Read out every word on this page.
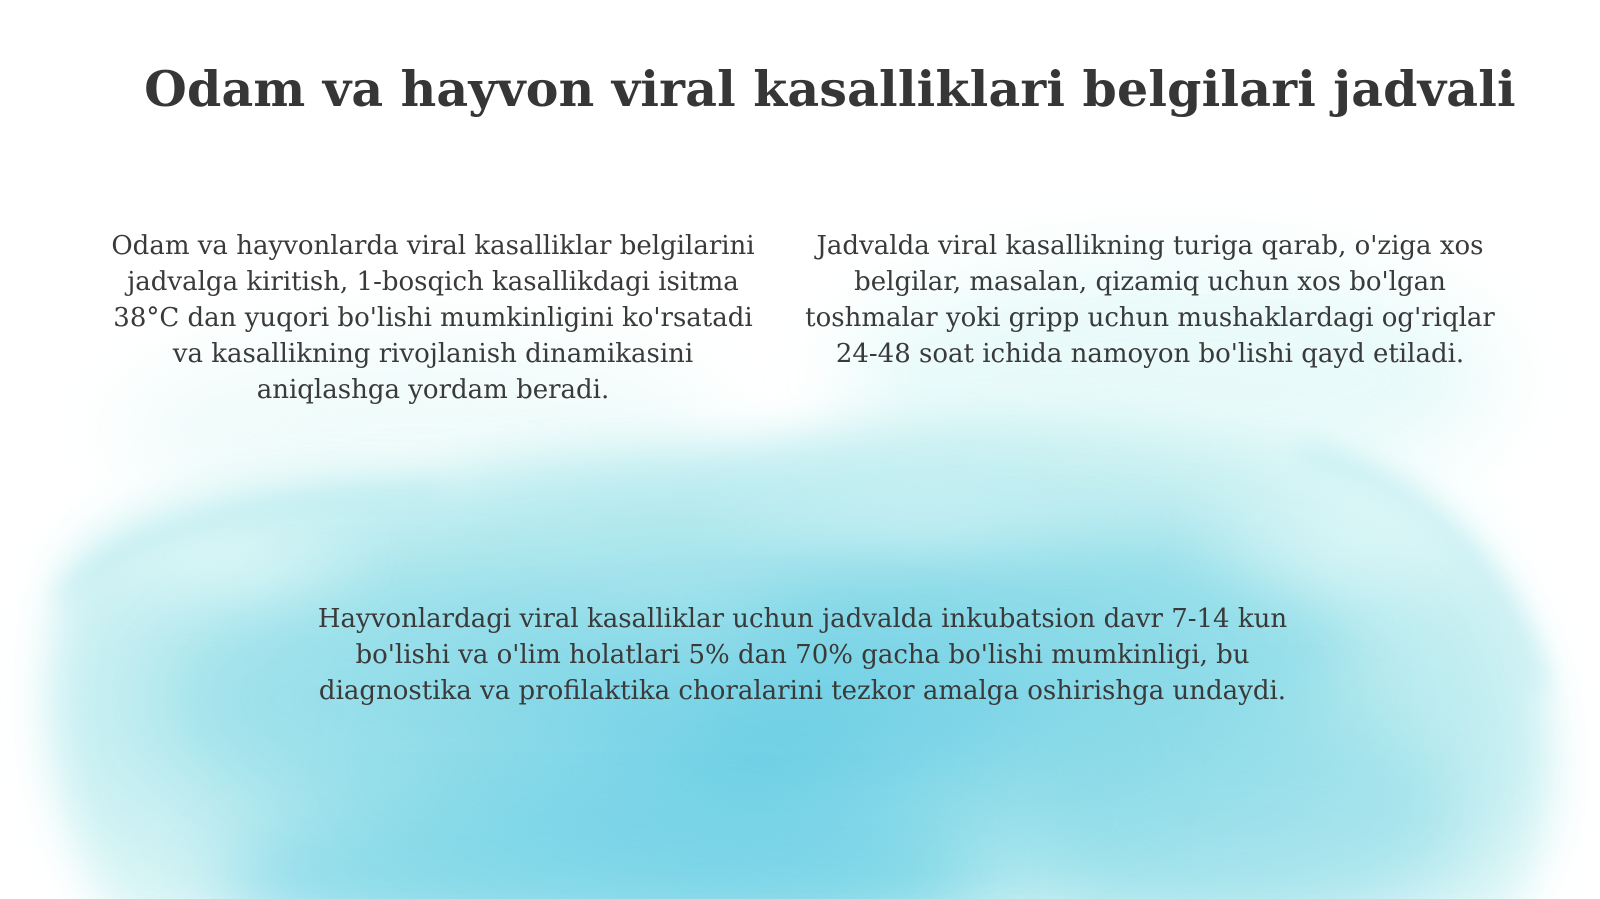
Odam va hayvon viral kasalliklari belgilari jadvali

Odam va hayvonlarda viral kasalliklar belgilarini jadvalga kiritish, 1-bosqich kasallikdagi isitma 38°C dan yuqori bo'lishi mumkinligini ko'rsatadi va kasallikning rivojlanish dinamikasini aniqlashga yordam beradi.

Jadvalda viral kasallikning turiga qarab, o'ziga xos belgilar, masalan, qizamiq uchun xos bo'lgan toshmalar yoki gripp uchun mushaklardagi og'riqlar 24-48 soat ichida namoyon bo'lishi qayd etiladi.

Hayvonlardagi viral kasalliklar uchun jadvalda inkubatsion davr 7-14 kun bo'lishi va o'lim holatlari 5% dan 70% gacha bo'lishi mumkinligi, bu diagnostika va profilaktika choralarini tezkor amalga oshirishga undaydi.
